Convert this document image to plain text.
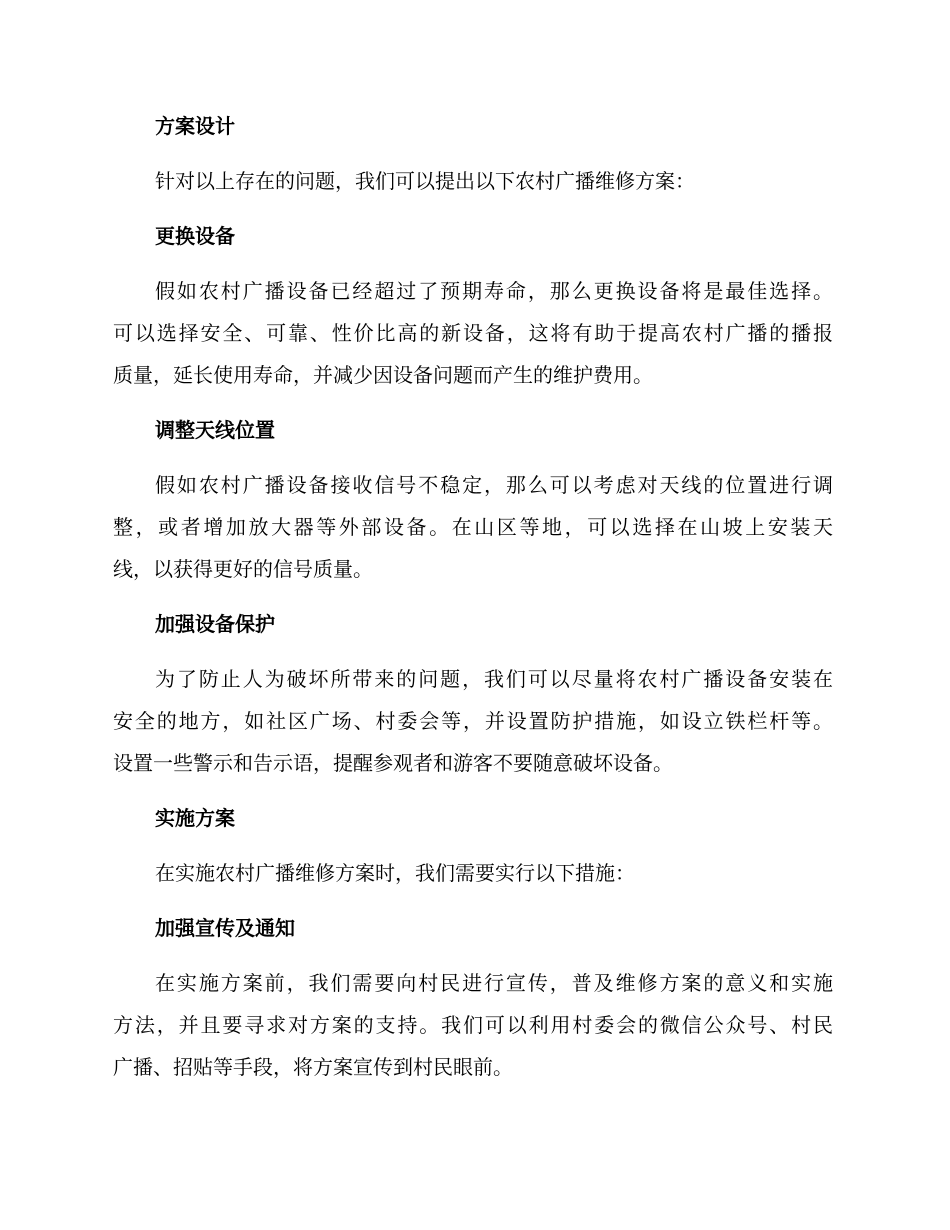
方案设计
针对以上存在的问题，我们可以提出以下农村广播维修方案：
更换设备
假如农村广播设备已经超过了预期寿命，那么更换设备将是最佳选择。
可以选择安全、可靠、性价比高的新设备，这将有助于提高农村广播的播报
质量，延长使用寿命，并减少因设备问题而产生的维护费用。
调整天线位置
假如农村广播设备接收信号不稳定，那么可以考虑对天线的位置进行调
整，或者增加放大器等外部设备。在山区等地，可以选择在山坡上安装天
线，以获得更好的信号质量。
加强设备保护
为了防止人为破坏所带来的问题，我们可以尽量将农村广播设备安装在
安全的地方，如社区广场、村委会等，并设置防护措施，如设立铁栏杆等。
设置一些警示和告示语，提醒参观者和游客不要随意破坏设备。
实施方案
在实施农村广播维修方案时，我们需要实行以下措施：
加强宣传及通知
在实施方案前，我们需要向村民进行宣传，普及维修方案的意义和实施
方法，并且要寻求对方案的支持。我们可以利用村委会的微信公众号、村民
广播、招贴等手段，将方案宣传到村民眼前。
